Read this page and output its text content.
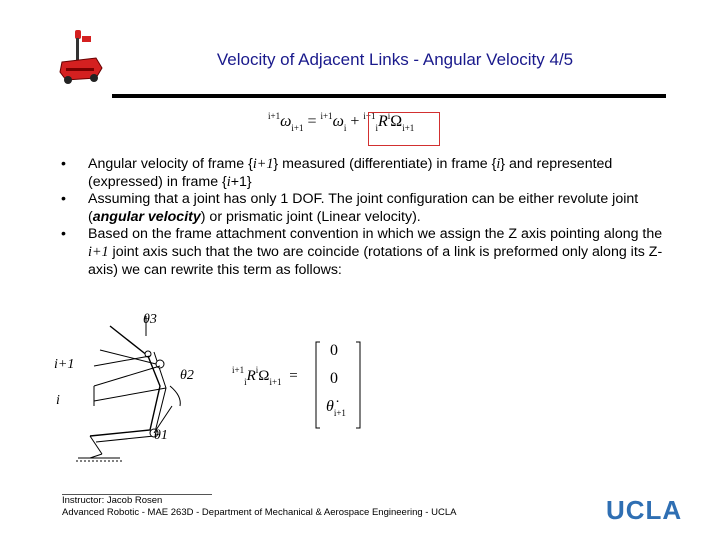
Velocity of Adjacent Links - Angular Velocity 4/5
$^{i+1}\omega_{i+1} = ^{i+1}\omega_i + ^{i+1}_iR^i\Omega_{i+1}$
• Angular velocity of frame {i+1} measured (differentiate) in frame {i} and represented (expressed) in frame {i+1}
• Assuming that a joint has only 1 DOF. The joint configuration can be either revolute joint (angular velocity) or prismatic joint (Linear velocity).
• Based on the frame attachment convention in which we assign the Z axis pointing along the i+1 joint axis such that the two are coincide (rotations of a link is preformed only along its Z- axis) we can rewrite this term as follows:
i+1
i
θ3
θ2
θ1
$^{i+1}_iR^i\Omega_{i+1}$ =
0
0
$\thetȧ_{i+1}$
Instructor: Jacob Rosen
Advanced Robotic - MAE 263D - Department of Mechanical & Aerospace Engineering - UCLA	UCLA
